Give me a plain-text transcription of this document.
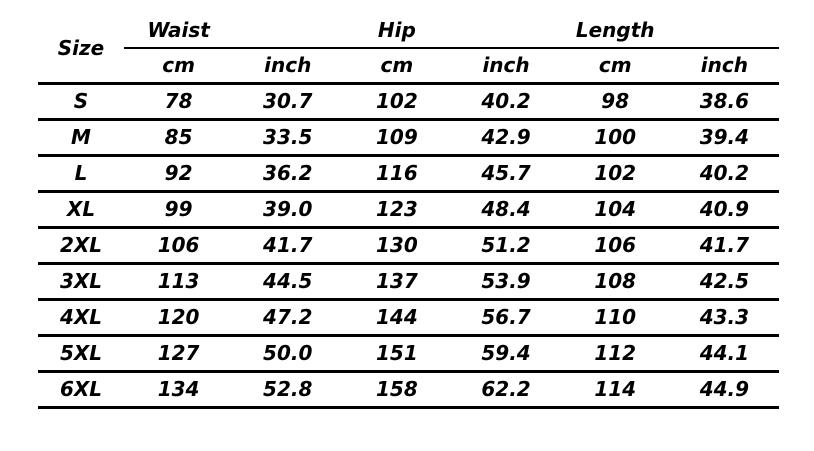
Size	Waist		Hip		Length	
	cm	inch	cm	inch	cm	inch
S	78	30.7	102	40.2	98	38.6
M	85	33.5	109	42.9	100	39.4
L	92	36.2	116	45.7	102	40.2
XL	99	39.0	123	48.4	104	40.9
2XL	106	41.7	130	51.2	106	41.7
3XL	113	44.5	137	53.9	108	42.5
4XL	120	47.2	144	56.7	110	43.3
5XL	127	50.0	151	59.4	112	44.1
6XL	134	52.8	158	62.2	114	44.9
